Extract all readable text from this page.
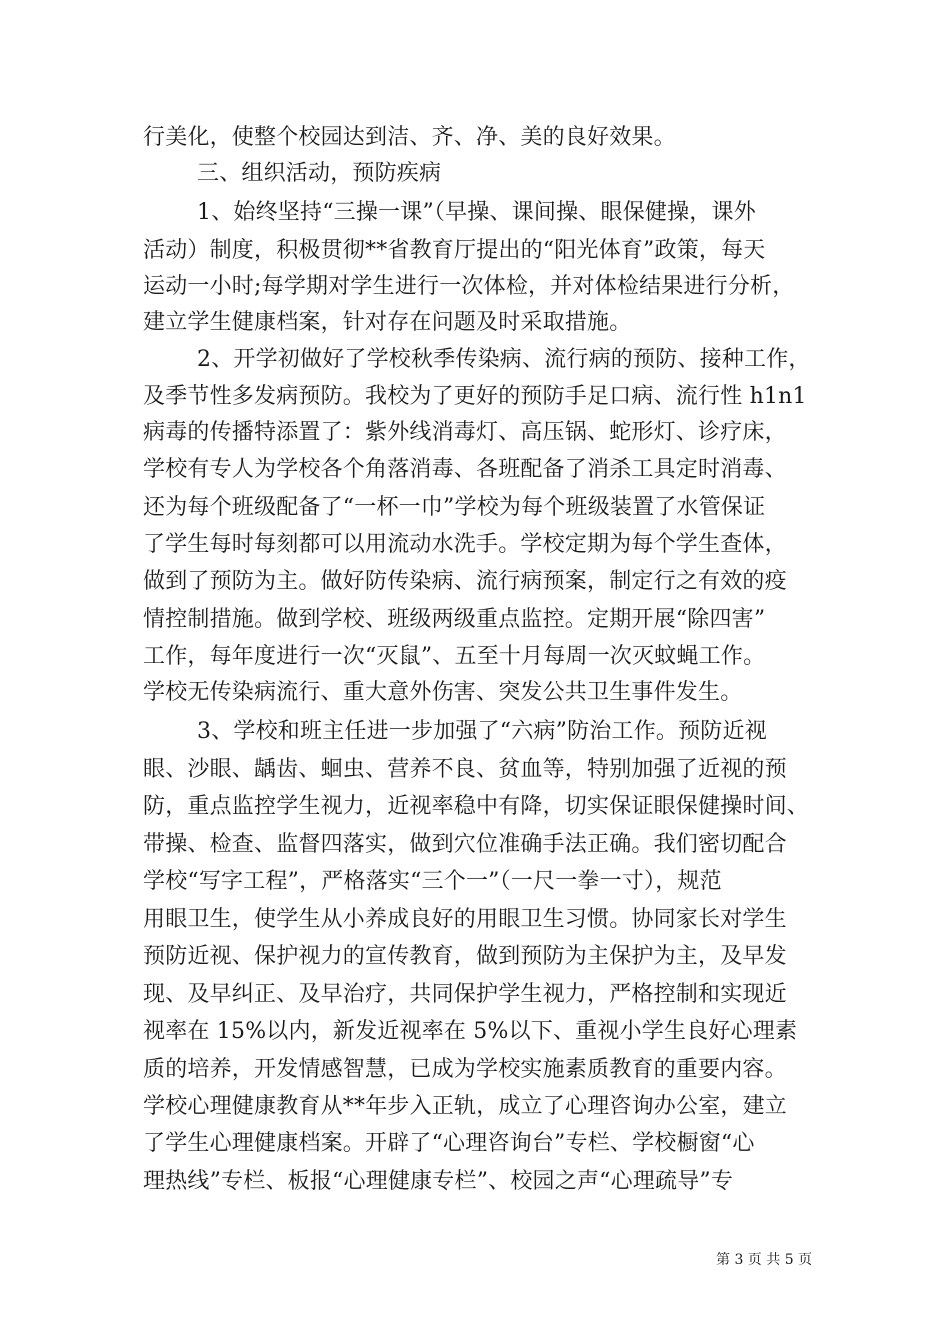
行美化，使整个校园达到洁、齐、净、美的良好效果。
三、组织活动，预防疾病
1、始终坚持“三操一课”（早操、课间操、眼保健操，课外
活动）制度，积极贯彻**省教育厅提出的“阳光体育”政策，每天
运动一小时;每学期对学生进行一次体检，并对体检结果进行分析，
建立学生健康档案，针对存在问题及时采取措施。
2、开学初做好了学校秋季传染病、流行病的预防、接种工作，
及季节性多发病预防。我校为了更好的预防手足口病、流行性 h1n1
病毒的传播特添置了：紫外线消毒灯、高压锅、蛇形灯、诊疗床，
学校有专人为学校各个角落消毒、各班配备了消杀工具定时消毒、
还为每个班级配备了“一杯一巾”学校为每个班级装置了水管保证
了学生每时每刻都可以用流动水洗手。学校定期为每个学生查体，
做到了预防为主。做好防传染病、流行病预案，制定行之有效的疫
情控制措施。做到学校、班级两级重点监控。定期开展“除四害”
工作，每年度进行一次“灭鼠”、五至十月每周一次灭蚊蝇工作。
学校无传染病流行、重大意外伤害、突发公共卫生事件发生。
3、学校和班主任进一步加强了“六病”防治工作。预防近视
眼、沙眼、龋齿、蛔虫、营养不良、贫血等，特别加强了近视的预
防，重点监控学生视力，近视率稳中有降，切实保证眼保健操时间、
带操、检查、监督四落实，做到穴位准确手法正确。我们密切配合
学校“写字工程”，严格落实“三个一”（一尺一拳一寸），规范
用眼卫生，使学生从小养成良好的用眼卫生习惯。协同家长对学生
预防近视、保护视力的宣传教育，做到预防为主保护为主，及早发
现、及早纠正、及早治疗，共同保护学生视力，严格控制和实现近
视率在 15%以内，新发近视率在 5%以下、重视小学生良好心理素
质的培养，开发情感智慧，已成为学校实施素质教育的重要内容。
学校心理健康教育从**年步入正轨，成立了心理咨询办公室，建立
了学生心理健康档案。开辟了“心理咨询台”专栏、学校橱窗“心
理热线”专栏、板报“心理健康专栏”、校园之声“心理疏导”专
第 3 页 共 5 页
